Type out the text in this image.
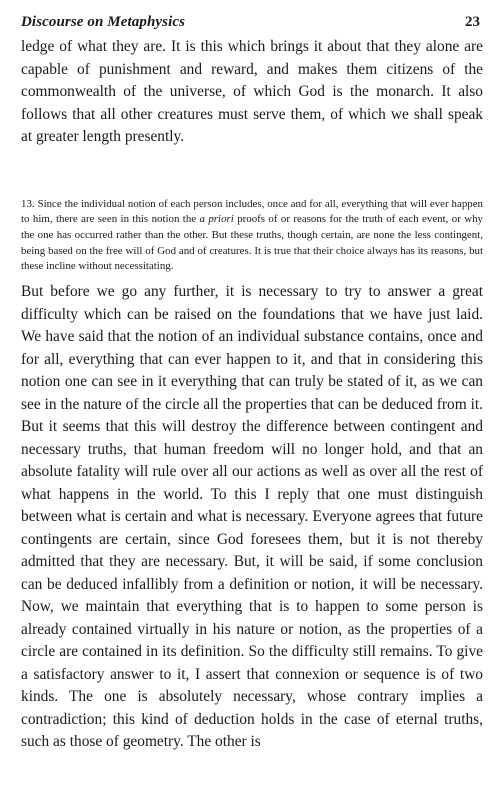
Discourse on Metaphysics	23

ledge of what they are. It is this which brings it about that they alone are capable of punishment and reward, and makes them citizens of the commonwealth of the universe, of which God is the monarch. It also follows that all other creatures must serve them, of which we shall speak at greater length presently.

13. Since the individual notion of each person includes, once and for all, everything that will ever happen to him, there are seen in this notion the a priori proofs of or reasons for the truth of each event, or why the one has occurred rather than the other. But these truths, though certain, are none the less contingent, being based on the free will of God and of creatures. It is true that their choice always has its reasons, but these incline without necessitating.

But before we go any further, it is necessary to try to answer a great difficulty which can be raised on the foundations that we have just laid. We have said that the notion of an individual substance contains, once and for all, everything that can ever happen to it, and that in considering this notion one can see in it everything that can truly be stated of it, as we can see in the nature of the circle all the properties that can be deduced from it. But it seems that this will destroy the difference between contingent and necessary truths, that human freedom will no longer hold, and that an absolute fatality will rule over all our actions as well as over all the rest of what happens in the world. To this I reply that one must distinguish between what is certain and what is necessary. Everyone agrees that future contingents are certain, since God foresees them, but it is not thereby admitted that they are necessary. But, it will be said, if some conclusion can be deduced infallibly from a definition or notion, it will be necessary. Now, we maintain that everything that is to happen to some person is already contained virtually in his nature or notion, as the properties of a circle are contained in its definition. So the difficulty still remains. To give a satisfactory answer to it, I assert that connexion or sequence is of two kinds. The one is absolutely necessary, whose contrary implies a contradiction; this kind of deduction holds in the case of eternal truths, such as those of geometry. The other is
